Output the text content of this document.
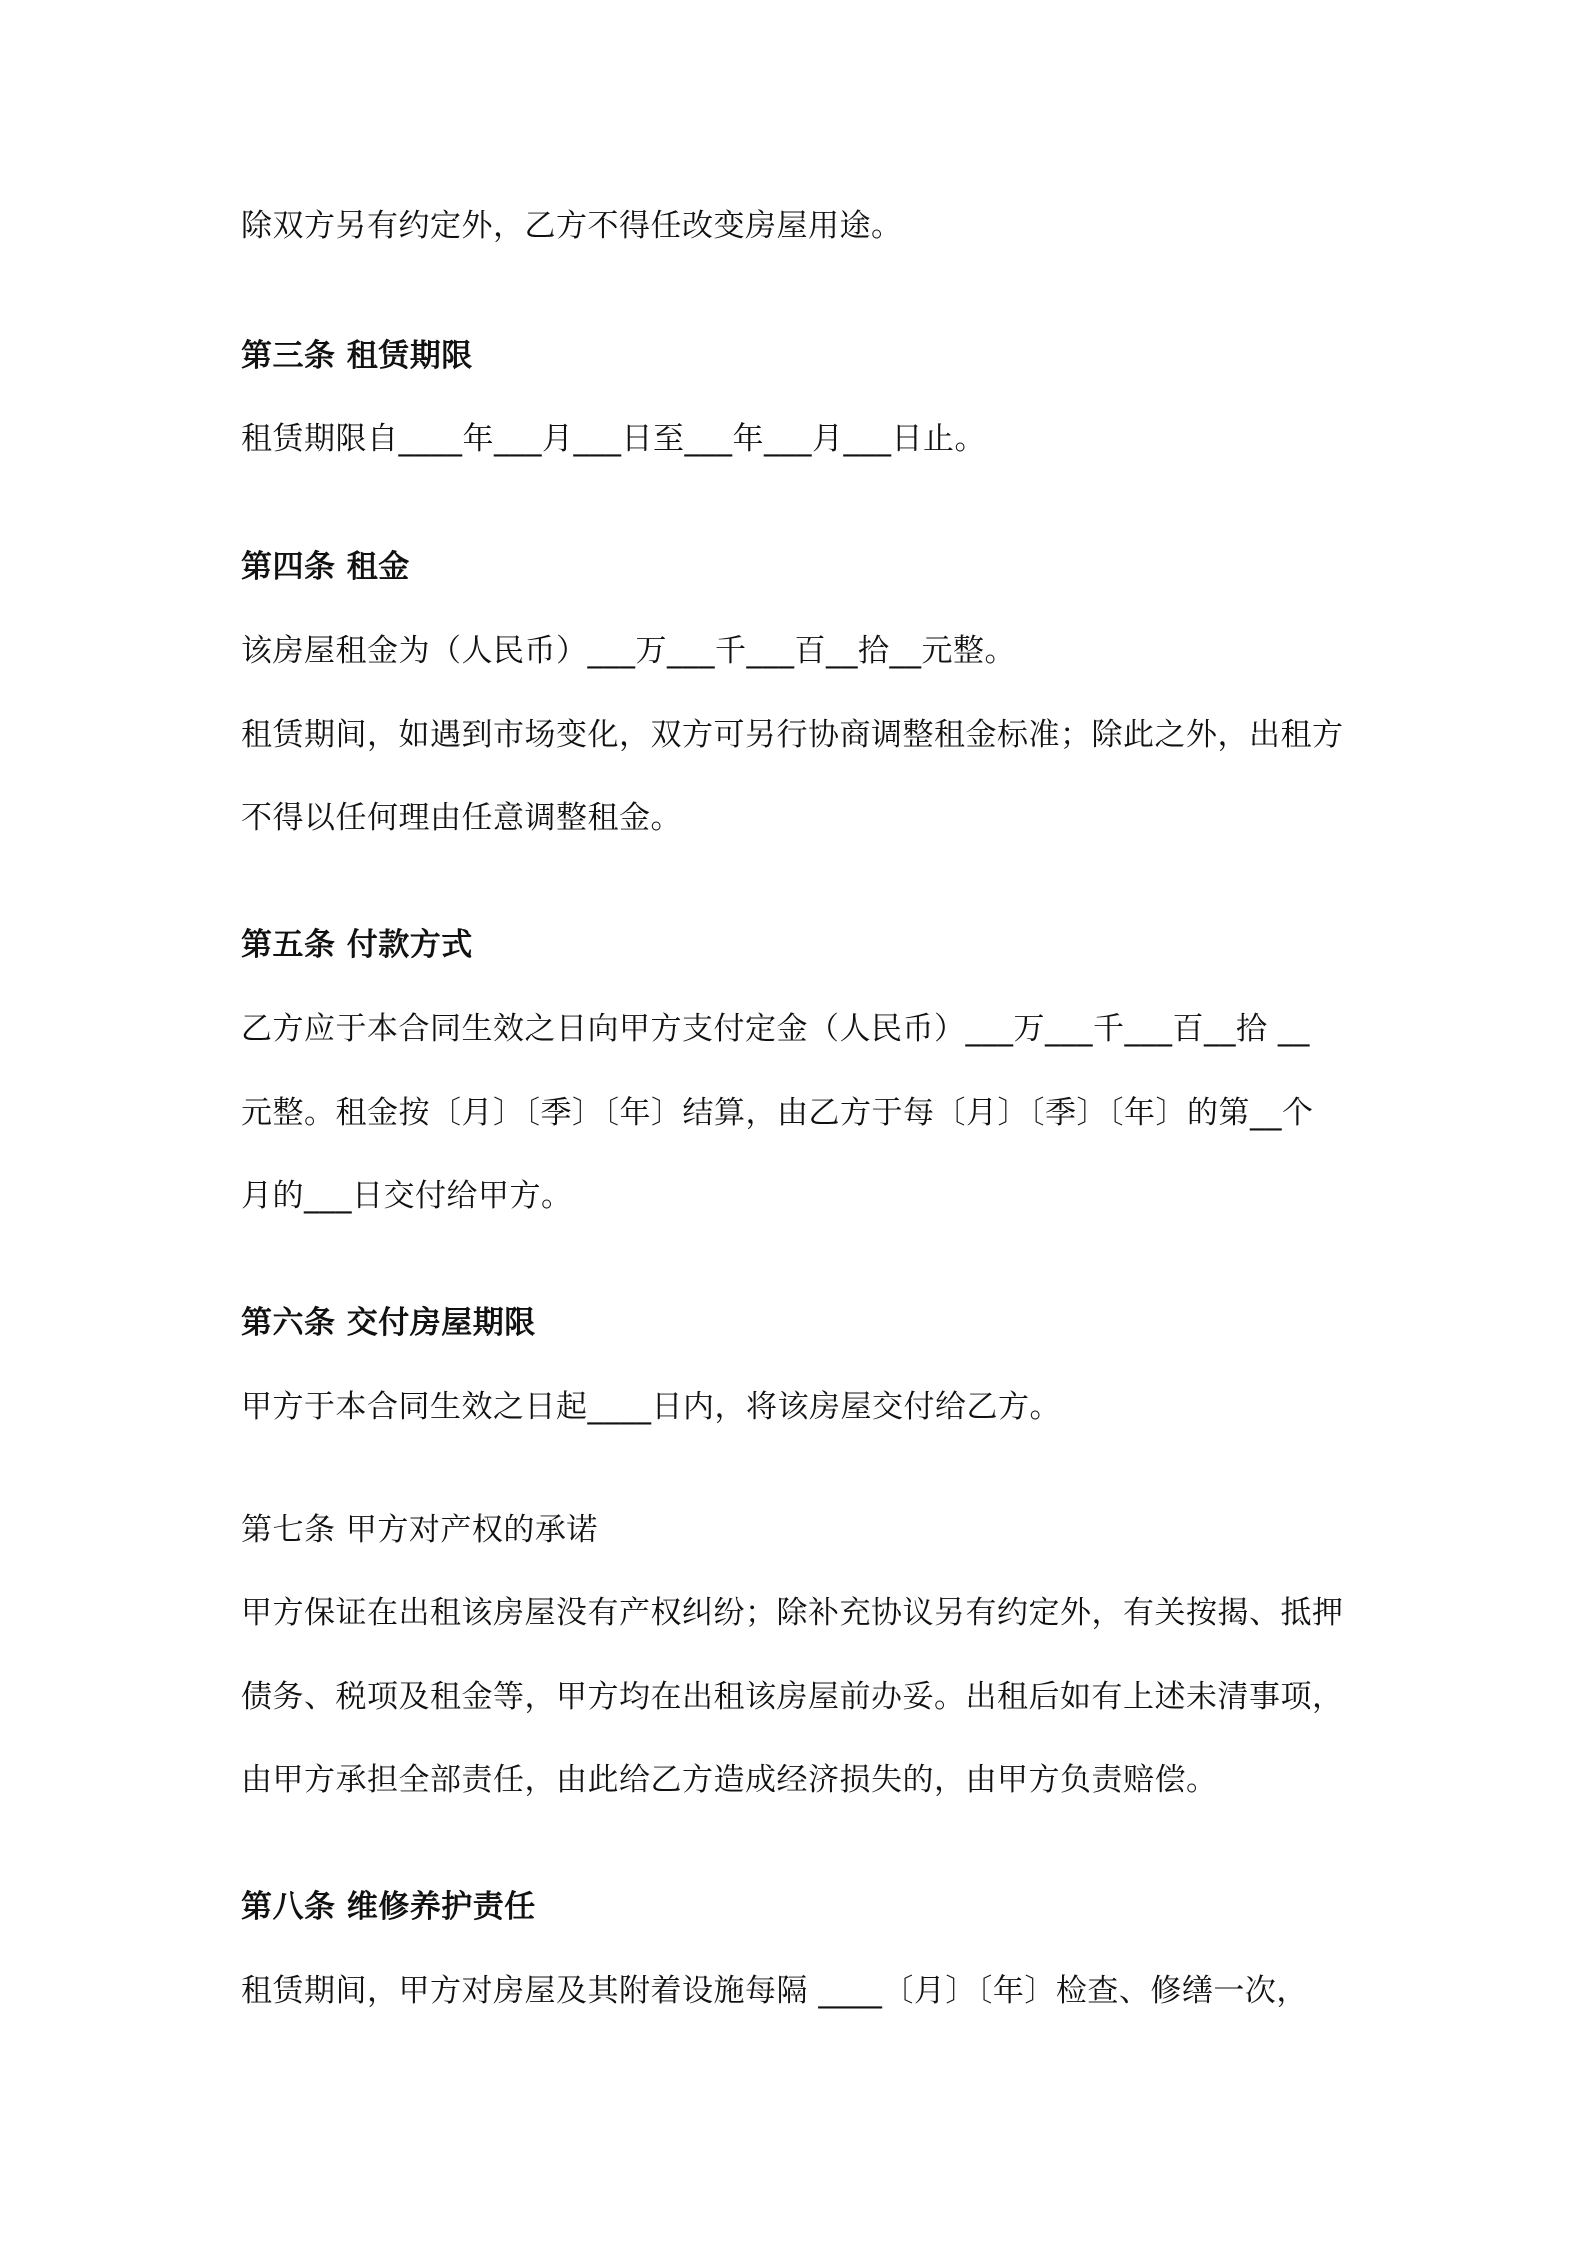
除双方另有约定外，乙方不得任改变房屋用途。
第三条 租赁期限
租赁期限自____年___月___日至___年___月___日止。
第四条 租金
该房屋租金为（人民币）___万___千___百__拾__元整。
租赁期间，如遇到市场变化，双方可另行协商调整租金标准；除此之外，出租方
不得以任何理由任意调整租金。
第五条 付款方式
乙方应于本合同生效之日向甲方支付定金（人民币）___万___千___百__拾 __
元整。租金按〔月〕〔季〕〔年〕结算，由乙方于每〔月〕〔季〕〔年〕的第__个
月的___日交付给甲方。
第六条 交付房屋期限
甲方于本合同生效之日起____日内，将该房屋交付给乙方。
第七条 甲方对产权的承诺
甲方保证在出租该房屋没有产权纠纷；除补充协议另有约定外，有关按揭、抵押
债务、税项及租金等，甲方均在出租该房屋前办妥。出租后如有上述未清事项，
由甲方承担全部责任，由此给乙方造成经济损失的，由甲方负责赔偿。
第八条 维修养护责任
租赁期间，甲方对房屋及其附着设施每隔 ____〔月〕〔年〕检查、修缮一次，
